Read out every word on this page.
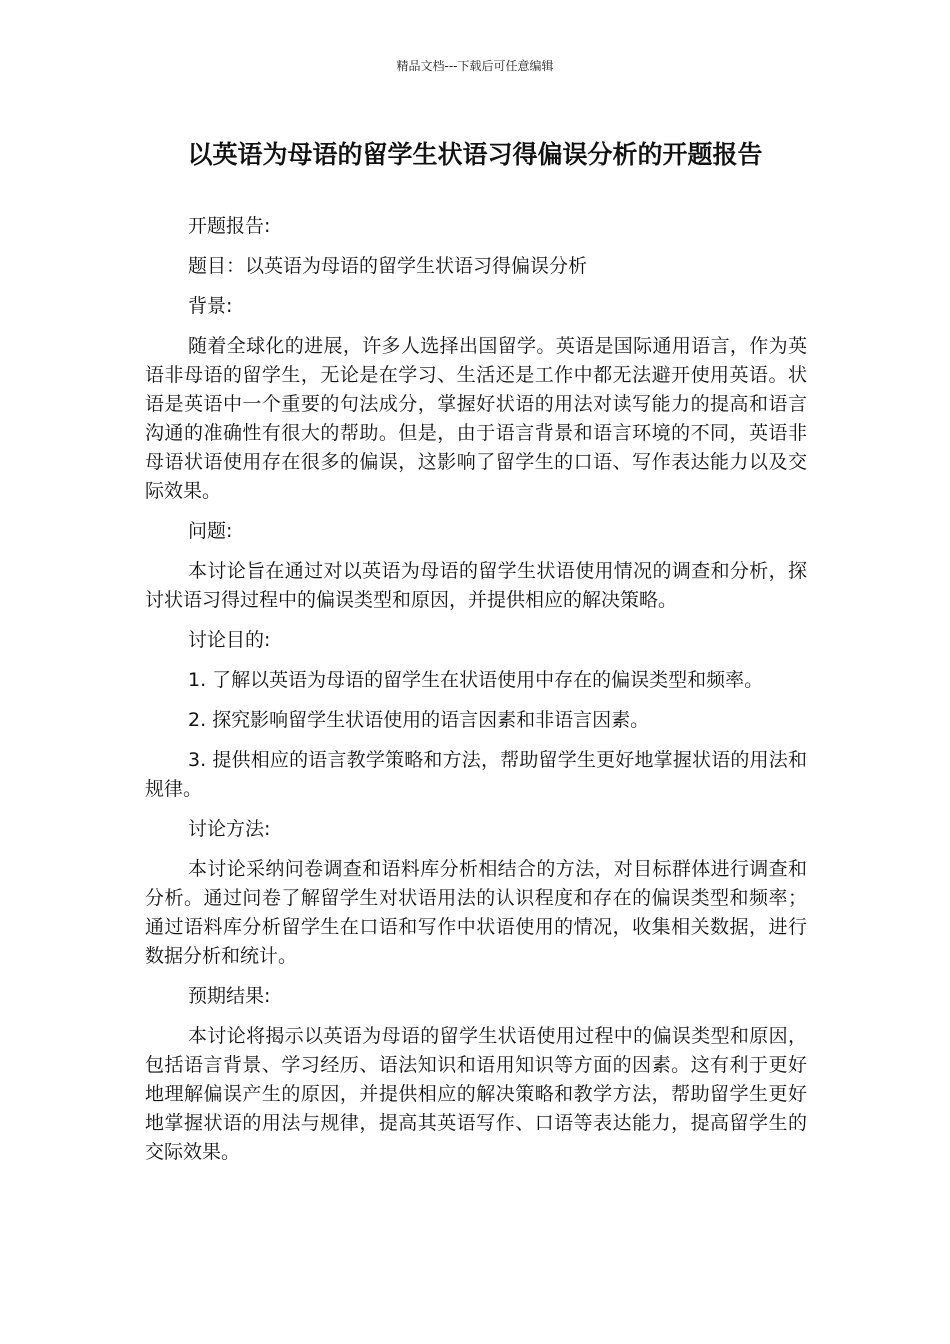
精品文档---下载后可任意编辑
以英语为母语的留学生状语习得偏误分析的开题报告

开题报告:

题目：以英语为母语的留学生状语习得偏误分析

背景:

随着全球化的进展，许多人选择出国留学。英语是国际通用语言，作为英语非母语的留学生，无论是在学习、生活还是工作中都无法避开使用英语。状语是英语中一个重要的句法成分，掌握好状语的用法对读写能力的提高和语言沟通的准确性有很大的帮助。但是，由于语言背景和语言环境的不同，英语非母语状语使用存在很多的偏误，这影响了留学生的口语、写作表达能力以及交际效果。

问题:

本讨论旨在通过对以英语为母语的留学生状语使用情况的调查和分析，探讨状语习得过程中的偏误类型和原因，并提供相应的解决策略。

讨论目的:

1. 了解以英语为母语的留学生在状语使用中存在的偏误类型和频率。

2. 探究影响留学生状语使用的语言因素和非语言因素。

3. 提供相应的语言教学策略和方法，帮助留学生更好地掌握状语的用法和规律。

讨论方法:

本讨论采纳问卷调查和语料库分析相结合的方法，对目标群体进行调查和分析。通过问卷了解留学生对状语用法的认识程度和存在的偏误类型和频率；通过语料库分析留学生在口语和写作中状语使用的情况，收集相关数据，进行数据分析和统计。

预期结果:

本讨论将揭示以英语为母语的留学生状语使用过程中的偏误类型和原因，包括语言背景、学习经历、语法知识和语用知识等方面的因素。这有利于更好地理解偏误产生的原因，并提供相应的解决策略和教学方法，帮助留学生更好地掌握状语的用法与规律，提高其英语写作、口语等表达能力，提高留学生的交际效果。
